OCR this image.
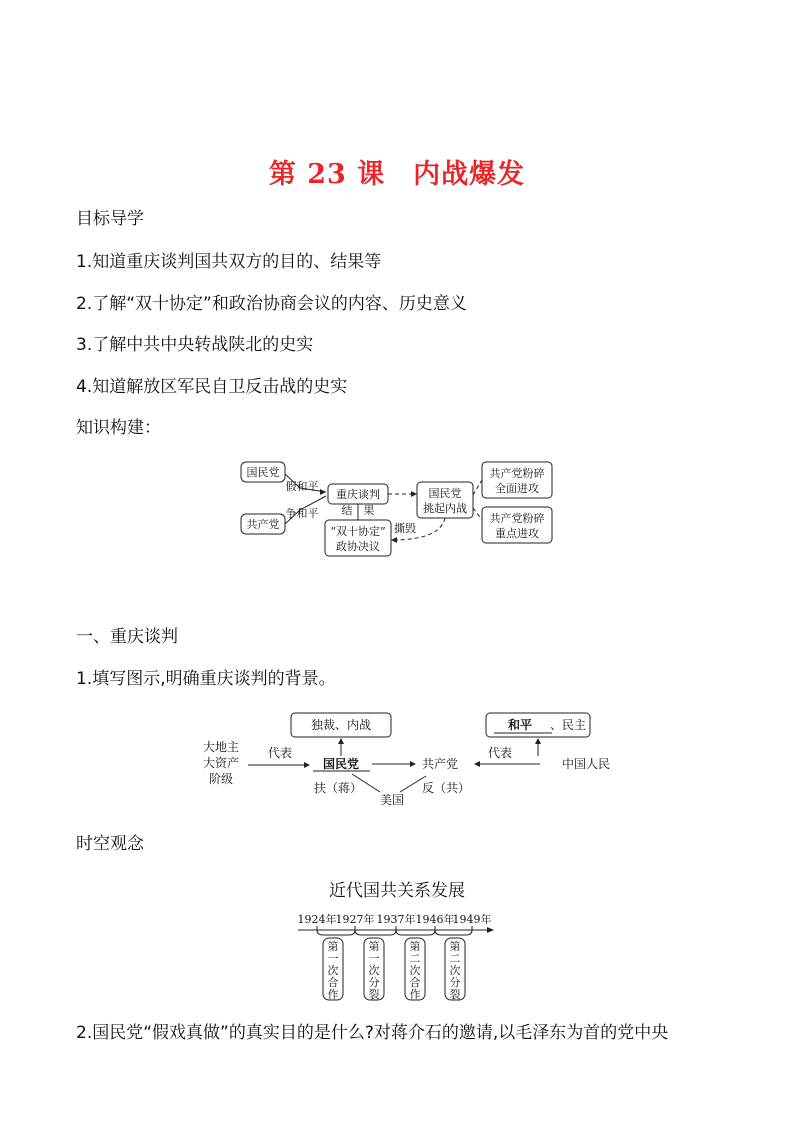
第 23 课　内战爆发
目标导学
1.知道重庆谈判国共双方的目的、结果等
2.了解“双十协定”和政治协商会议的内容、历史意义
3.了解中共中央转战陕北的史实
4.知道解放区军民自卫反击战的史实
知识构建：
国民党
共产党
假和平
争和平
重庆谈判
结　果
“双十协定”
政协决议
国民党
挑起内战
撕毁
共产党粉碎
全面进攻
共产党粉碎
重点进攻
一、重庆谈判
1.填写图示,明确重庆谈判的背景。
大地主
大资产
阶级
代表
独裁、内战
国民党	共产党
和平 、民主
代表
中国人民
扶（蒋）
美国
反（共）
时空观念
近代国共关系发展
1924年 1927年 1937年 1946年
1949年
第
一
次
合
作
第
一
次
分
裂
第
二
次
合
作
第
二
次
分
裂
2.国民党“假戏真做”的真实目的是什么?对蒋介石的邀请,以毛泽东为首的党中央
